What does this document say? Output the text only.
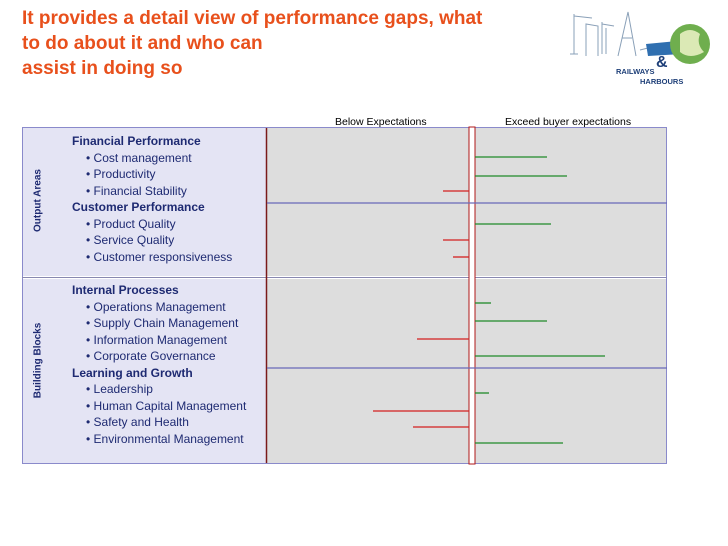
It provides a detail view of performance gaps, what
to do about it and who can
assist in doing so	&
RAILWAYS
HARBOURS
Below Expectations	Exceed buyer expectations
Output Areas
Building Blocks
Financial Performance
• Cost management
• Productivity
• Financial Stability
Customer Performance
• Product Quality
• Service Quality
• Customer responsiveness
Internal Processes
• Operations Management
• Supply Chain Management
• Information Management
• Corporate Governance
Learning and Growth
• Leadership
• Human Capital Management
• Safety and Health
• Environmental Management
